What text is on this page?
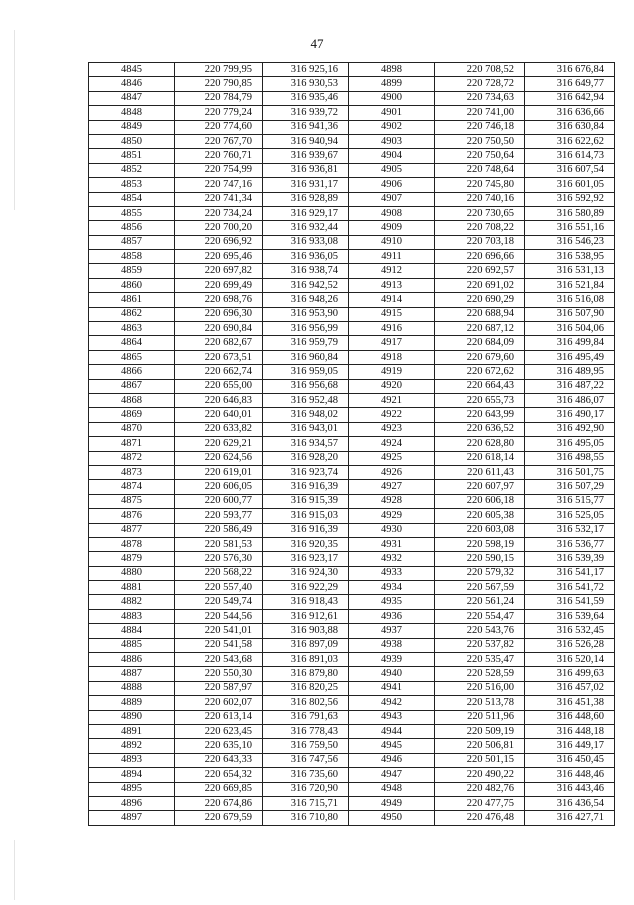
47
4845	220 799,95	316 925,16	4898	220 708,52	316 676,84
4846	220 790,85	316 930,53	4899	220 728,72	316 649,77
4847	220 784,79	316 935,46	4900	220 734,63	316 642,94
4848	220 779,24	316 939,72	4901	220 741,00	316 636,66
4849	220 774,60	316 941,36	4902	220 746,18	316 630,84
4850	220 767,70	316 940,94	4903	220 750,50	316 622,62
4851	220 760,71	316 939,67	4904	220 750,64	316 614,73
4852	220 754,99	316 936,81	4905	220 748,64	316 607,54
4853	220 747,16	316 931,17	4906	220 745,80	316 601,05
4854	220 741,34	316 928,89	4907	220 740,16	316 592,92
4855	220 734,24	316 929,17	4908	220 730,65	316 580,89
4856	220 700,20	316 932,44	4909	220 708,22	316 551,16
4857	220 696,92	316 933,08	4910	220 703,18	316 546,23
4858	220 695,46	316 936,05	4911	220 696,66	316 538,95
4859	220 697,82	316 938,74	4912	220 692,57	316 531,13
4860	220 699,49	316 942,52	4913	220 691,02	316 521,84
4861	220 698,76	316 948,26	4914	220 690,29	316 516,08
4862	220 696,30	316 953,90	4915	220 688,94	316 507,90
4863	220 690,84	316 956,99	4916	220 687,12	316 504,06
4864	220 682,67	316 959,79	4917	220 684,09	316 499,84
4865	220 673,51	316 960,84	4918	220 679,60	316 495,49
4866	220 662,74	316 959,05	4919	220 672,62	316 489,95
4867	220 655,00	316 956,68	4920	220 664,43	316 487,22
4868	220 646,83	316 952,48	4921	220 655,73	316 486,07
4869	220 640,01	316 948,02	4922	220 643,99	316 490,17
4870	220 633,82	316 943,01	4923	220 636,52	316 492,90
4871	220 629,21	316 934,57	4924	220 628,80	316 495,05
4872	220 624,56	316 928,20	4925	220 618,14	316 498,55
4873	220 619,01	316 923,74	4926	220 611,43	316 501,75
4874	220 606,05	316 916,39	4927	220 607,97	316 507,29
4875	220 600,77	316 915,39	4928	220 606,18	316 515,77
4876	220 593,77	316 915,03	4929	220 605,38	316 525,05
4877	220 586,49	316 916,39	4930	220 603,08	316 532,17
4878	220 581,53	316 920,35	4931	220 598,19	316 536,77
4879	220 576,30	316 923,17	4932	220 590,15	316 539,39
4880	220 568,22	316 924,30	4933	220 579,32	316 541,17
4881	220 557,40	316 922,29	4934	220 567,59	316 541,72
4882	220 549,74	316 918,43	4935	220 561,24	316 541,59
4883	220 544,56	316 912,61	4936	220 554,47	316 539,64
4884	220 541,01	316 903,88	4937	220 543,76	316 532,45
4885	220 541,58	316 897,09	4938	220 537,82	316 526,28
4886	220 543,68	316 891,03	4939	220 535,47	316 520,14
4887	220 550,30	316 879,80	4940	220 528,59	316 499,63
4888	220 587,97	316 820,25	4941	220 516,00	316 457,02
4889	220 602,07	316 802,56	4942	220 513,78	316 451,38
4890	220 613,14	316 791,63	4943	220 511,96	316 448,60
4891	220 623,45	316 778,43	4944	220 509,19	316 448,18
4892	220 635,10	316 759,50	4945	220 506,81	316 449,17
4893	220 643,33	316 747,56	4946	220 501,15	316 450,45
4894	220 654,32	316 735,60	4947	220 490,22	316 448,46
4895	220 669,85	316 720,90	4948	220 482,76	316 443,46
4896	220 674,86	316 715,71	4949	220 477,75	316 436,54
4897	220 679,59	316 710,80	4950	220 476,48	316 427,71
